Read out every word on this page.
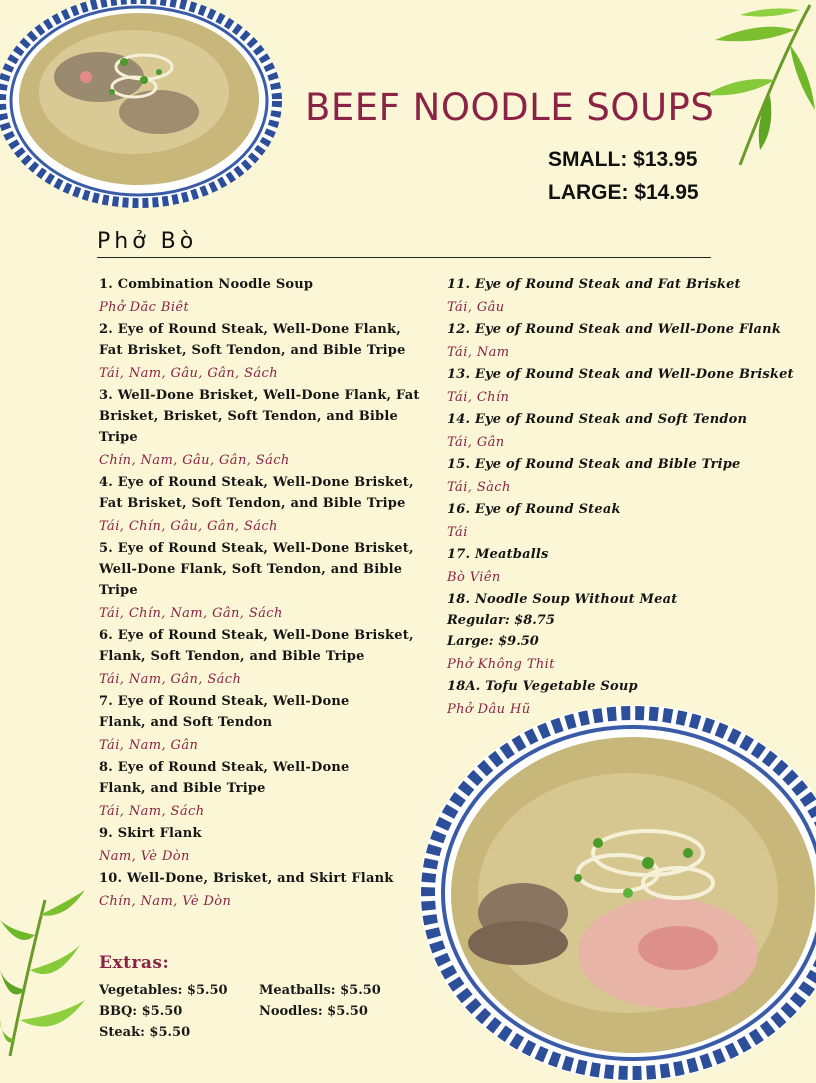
BEEF NOODLE SOUPS
SMALL: $13.95
LARGE: $14.95
Phở Bò
1. Combination Noodle Soup
Phở Dăc Biêt
2. Eye of Round Steak, Well-Done Flank, Fat Brisket, Soft Tendon, and Bible Tripe
Tái, Nam, Gâu, Gân, Sách
3. Well-Done Brisket, Well-Done Flank, Fat Brisket, Brisket, Soft Tendon, and Bible Tripe
Chín, Nam, Gâu, Gân, Sách
4. Eye of Round Steak, Well-Done Brisket, Fat Brisket, Soft Tendon, and Bible Tripe
Tái, Chín, Gâu, Gân, Sách
5. Eye of Round Steak, Well-Done Brisket, Well-Done Flank, Soft Tendon, and Bible Tripe
Tái, Chín, Nam, Gân, Sách
6. Eye of Round Steak, Well-Done Brisket, Flank, Soft Tendon, and Bible Tripe
Tái, Nam, Gân, Sách
7. Eye of Round Steak, Well-Done Flank, and Soft Tendon
Tái, Nam, Gân
8. Eye of Round Steak, Well-Done Flank, and Bible Tripe
Tái, Nam, Sách
9. Skirt Flank
Nam, Vè Dòn
10. Well-Done, Brisket, and Skirt Flank
Chín, Nam, Vè Dòn
11. Eye of Round Steak and Fat Brisket
Tái, Gâu
12. Eye of Round Steak and Well-Done Flank
Tái, Nam
13. Eye of Round Steak and Well-Done Brisket
Tái, Chín
14. Eye of Round Steak and Soft Tendon
Tái, Gân
15. Eye of Round Steak and Bible Tripe
Tái, Sàch
16. Eye of Round Steak
Tái
17. Meatballs
Bò Viên
18. Noodle Soup Without Meat
Regular: $8.75
Large: $9.50
Phở Không Thit
18A. Tofu Vegetable Soup
Phở Dâu Hũ
Extras:
Vegetables: $5.50	Meatballs: $5.50
BBQ: $5.50	Noodles: $5.50
Steak: $5.50
